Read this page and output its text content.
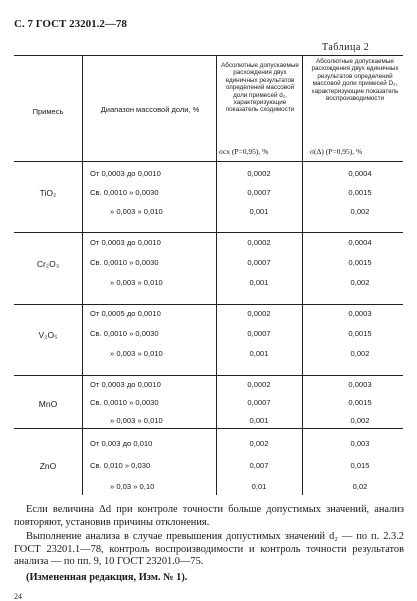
С. 7 ГОСТ 23201.2—78
Таблица 2
Примесь	Диапазон массовой доли, %
Абсолютные допускаемые расхождения двух единичных результатов определений массовой доли примесей d₂, характеризующие показатель сходимости
σсх (P=0,95), %
Абсолютные допускаемые расхождения двух единичных результатов определений массовой доли примесей D₂, характеризующие показатель воспроизводимости
σ(Δ) (P=0,95), %
TiO₂
От 0,0003 до 0,0010	0,0002	0,0004
Св. 0,0010 » 0,0030	0,0007	0,0015
» 0,003 » 0,010	0,001	0,002
Cr₂O₃
От 0,0003 до 0,0010	0,0002	0,0004
Св. 0,0010 » 0,0030	0,0007	0,0015
» 0,003 » 0,010	0,001	0,002
V₂O₅
От 0,0005 до 0,0010	0,0002	0,0003
Св. 0,0010 » 0,0030	0,0007	0,0015
» 0,003 » 0,010	0,001	0,002
MnO
От 0,0003 до 0,0010	0,0002	0,0003
Св. 0,0010 » 0,0030	0,0007	0,0015
» 0,003 » 0,010	0,001	0,002
ZnO
От 0,003 до 0,010	0,002	0,003
Св. 0,010 » 0,030	0,007	0,015
» 0,03 » 0,10	0,01	0,02
Если величина Δd при контроле точности больше допустимых значений, анализ повторяют, установив причины отклонения.
Выполнение анализа в случае превышения допустимых значений d₂ — по п. 2.3.2 ГОСТ 23201.1—78, контроль воспроизводимости и контроль точности результатов анализа — по пп. 9, 10 ГОСТ 23201.0—75.
(Измененная редакция, Изм. № 1).
24
